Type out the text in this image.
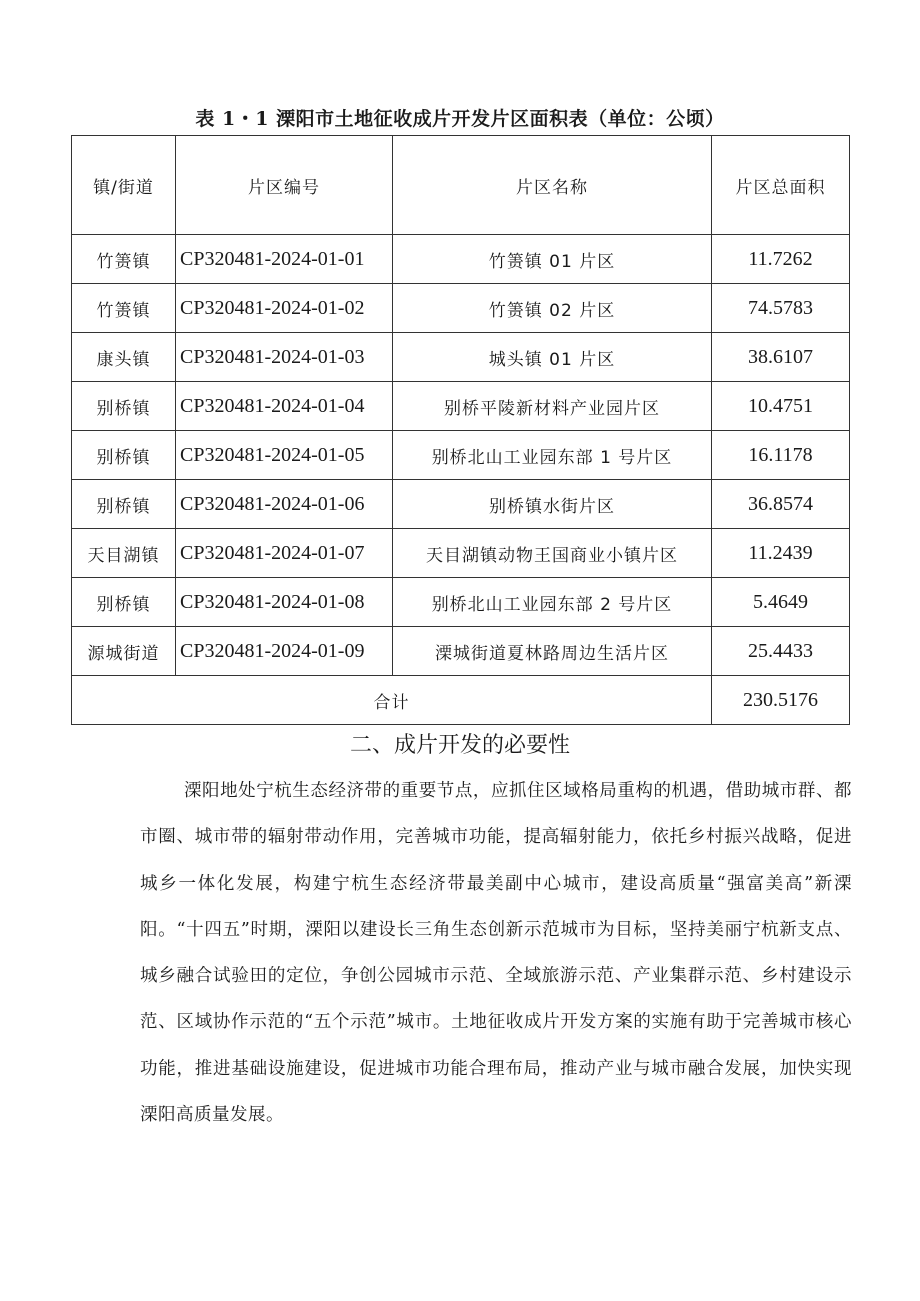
表 1・1 溧阳市土地征收成片开发片区面积表（单位：公顷）
镇/街道	片区编号	片区名称	片区总面积
竹箦镇	CP320481-2024-01-01	竹箦镇 01 片区	11.7262
竹箦镇	CP320481-2024-01-02	竹箦镇 02 片区	74.5783
康头镇	CP320481-2024-01-03	城头镇 01 片区	38.6107
别桥镇	CP320481-2024-01-04	别桥平陵新材料产业园片区	10.4751
别桥镇	CP320481-2024-01-05	别桥北山工业园东部 1 号片区	16.1178
别桥镇	CP320481-2024-01-06	别桥镇水街片区	36.8574
天目湖镇	CP320481-2024-01-07	天目湖镇动物王国商业小镇片区	11.2439
别桥镇	CP320481-2024-01-08	别桥北山工业园东部 2 号片区	5.4649
源城街道	CP320481-2024-01-09	溧城街道夏林路周边生活片区	25.4433
合计			230.5176
二、成片开发的必要性

溧阳地处宁杭生态经济带的重要节点，应抓住区域格局重构的机遇，借助城市群、都市圈、城市带的辐射带动作用，完善城市功能，提高辐射能力，依托乡村振兴战略，促进城乡一体化发展，构建宁杭生态经济带最美副中心城市，建设高质量“强富美高”新溧阳。“十四五”时期，溧阳以建设长三角生态创新示范城市为目标，坚持美丽宁杭新支点、城乡融合试验田的定位，争创公园城市示范、全域旅游示范、产业集群示范、乡村建设示范、区域协作示范的“五个示范”城市。土地征收成片开发方案的实施有助于完善城市核心功能，推进基础设施建设，促进城市功能合理布局，推动产业与城市融合发展，加快实现溧阳高质量发展。
